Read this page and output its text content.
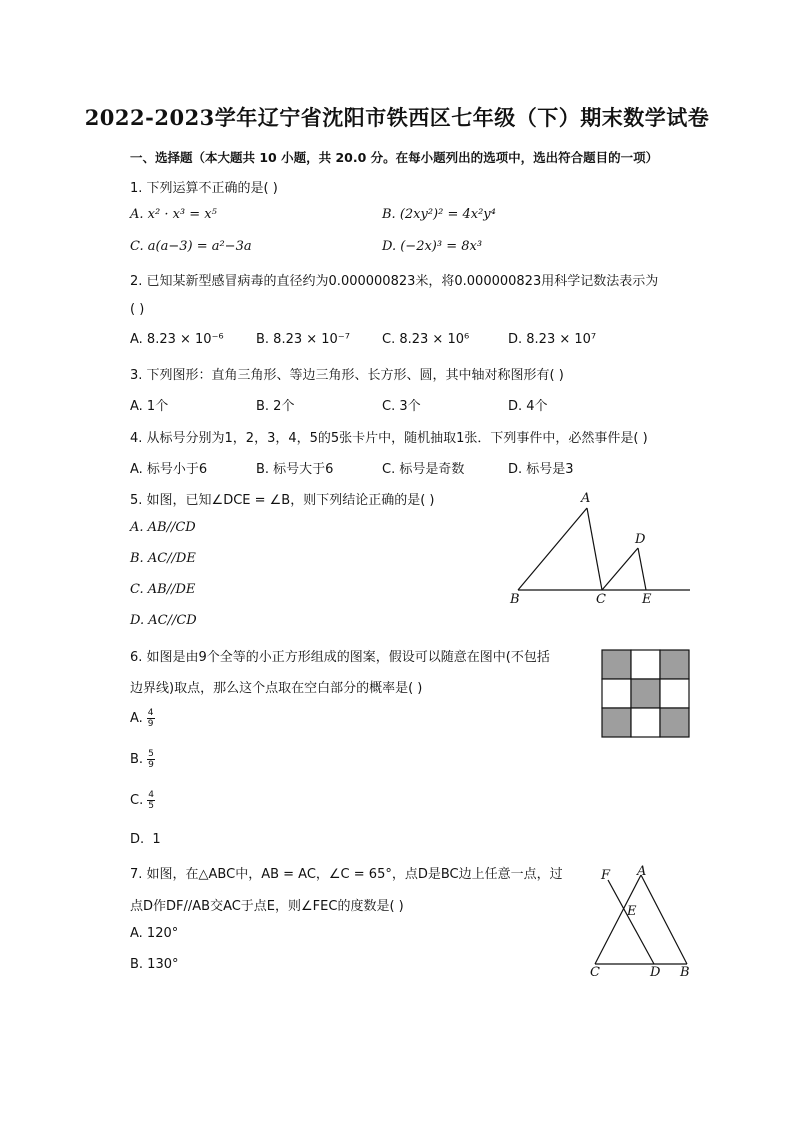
2022-2023学年辽宁省沈阳市铁西区七年级（下）期末数学试卷
一、选择题（本大题共 10 小题，共 20.0 分。在每小题列出的选项中，选出符合题目的一项）
1. 下列运算不正确的是( )
A. x² · x³ = x⁵	B. (2xy²)² = 4x²y⁴
C. a(a−3) = a²−3a	D. (−2x)³ = 8x³
2. 已知某新型感冒病毒的直径约为0.000000823米，将0.000000823用科学记数法表示为
( )
A. 8.23 × 10⁻⁶ B. 8.23 × 10⁻⁷ C. 8.23 × 10⁶	D. 8.23 × 10⁷
3. 下列图形：直角三角形、等边三角形、长方形、圆，其中轴对称图形有( )
A. 1个	B. 2个	C. 3个	D. 4个
4. 从标号分别为1，2，3，4，5的5张卡片中，随机抽取1张．下列事件中，必然事件是( )
A. 标号小于6	B. 标号大于6	C. 标号是奇数	D. 标号是3
5. 如图，已知∠DCE = ∠B，则下列结论正确的是( )
A. AB//CD
B. AC//DE
C. AB//DE
D. AC//CD
A
B	C
D
E
6. 如图是由9个全等的小正方形组成的图案，假设可以随意在图中(不包括
边界线)取点，那么这个点取在空白部分的概率是( )
A. $\frac{4}{9}$
B. $\frac{5}{9}$
C. $\frac{4}{5}$
D. 1
7. 如图，在△ABC中，AB = AC，∠C = 65°，点D是BC边上任意一点，过
点D作DF//AB交AC于点E，则∠FEC的度数是( )
A. 120°
B. 130°
F A
E
C	D B
